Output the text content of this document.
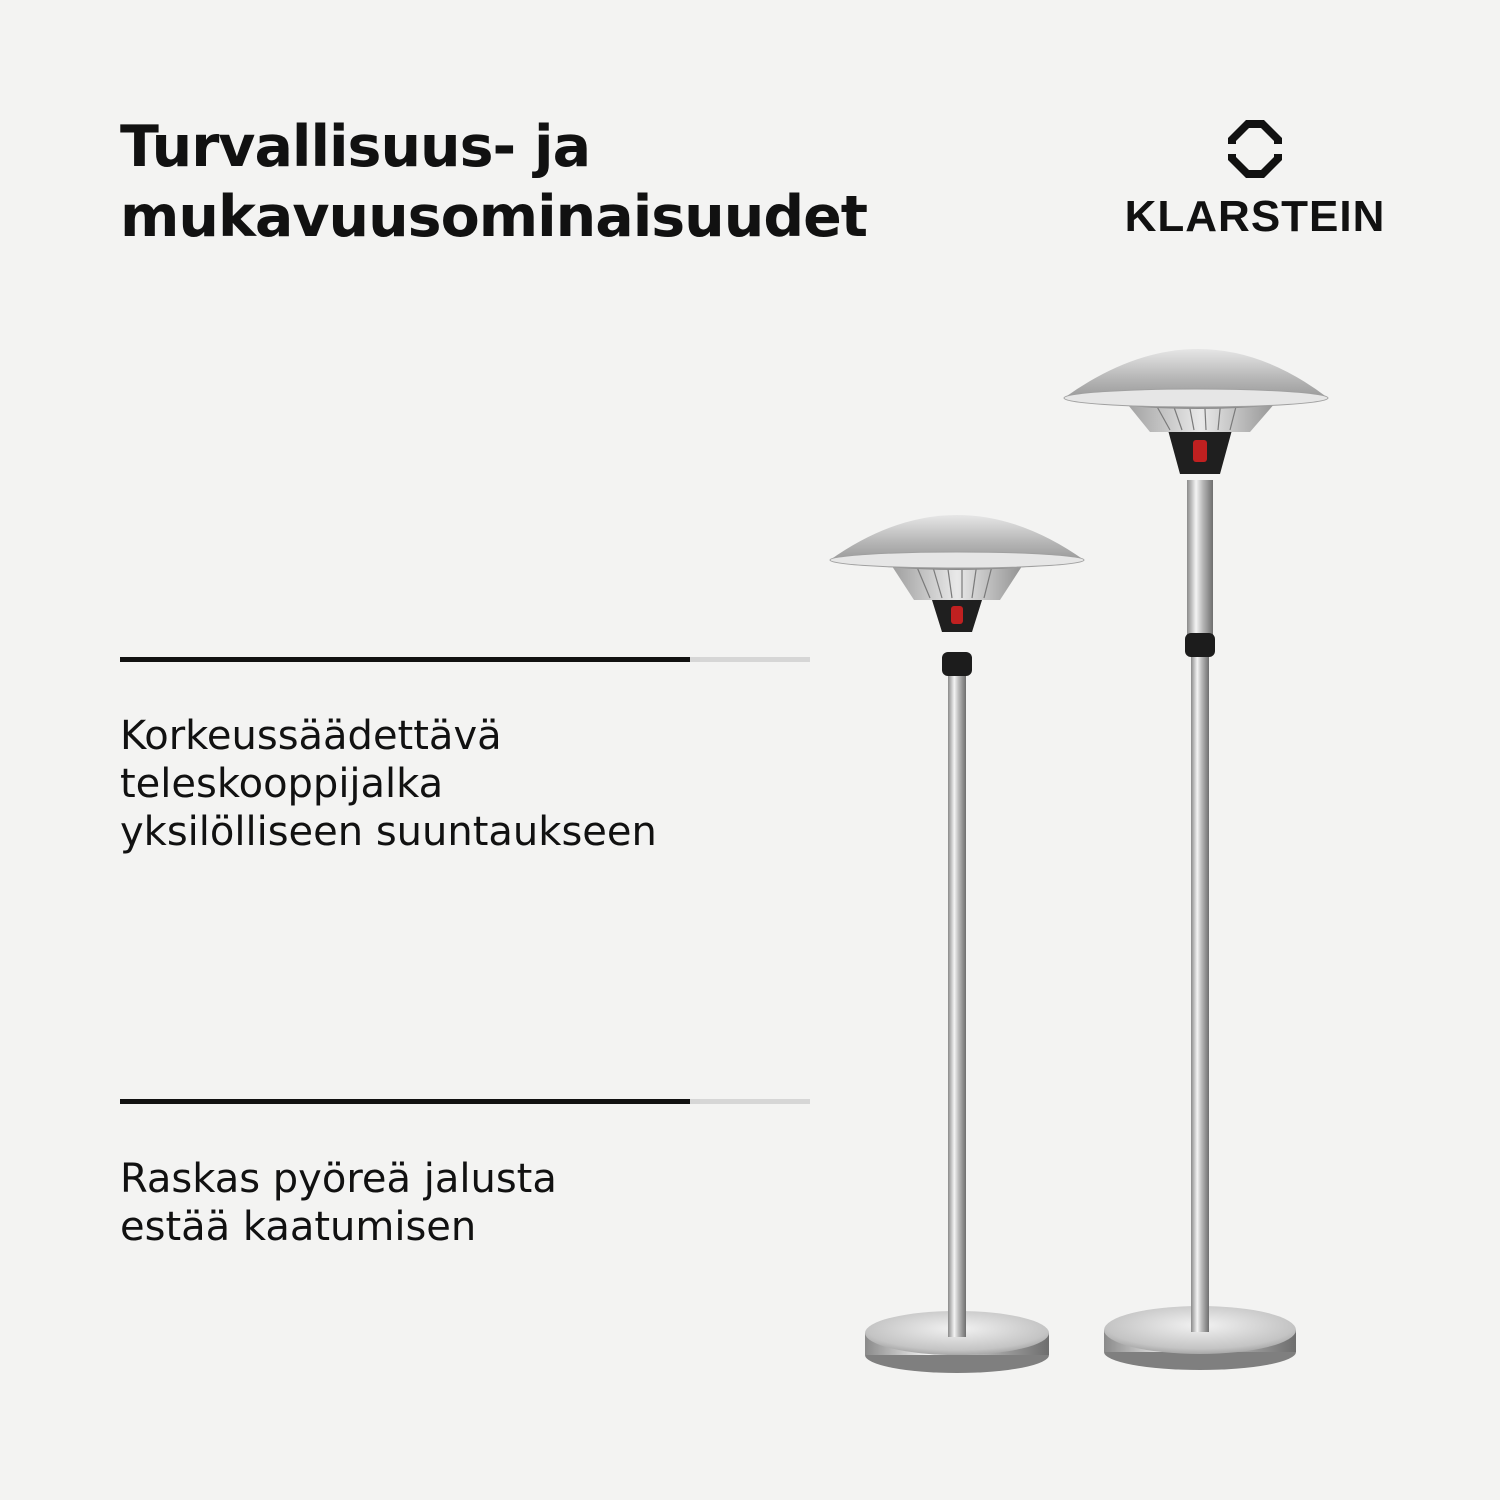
Turvallisuus- ja
mukavuusominaisuudet	KLARSTEIN

Korkeussäädettävä
teleskooppijalka
yksilölliseen suuntaukseen

Raskas pyöreä jalusta
estää kaatumisen
